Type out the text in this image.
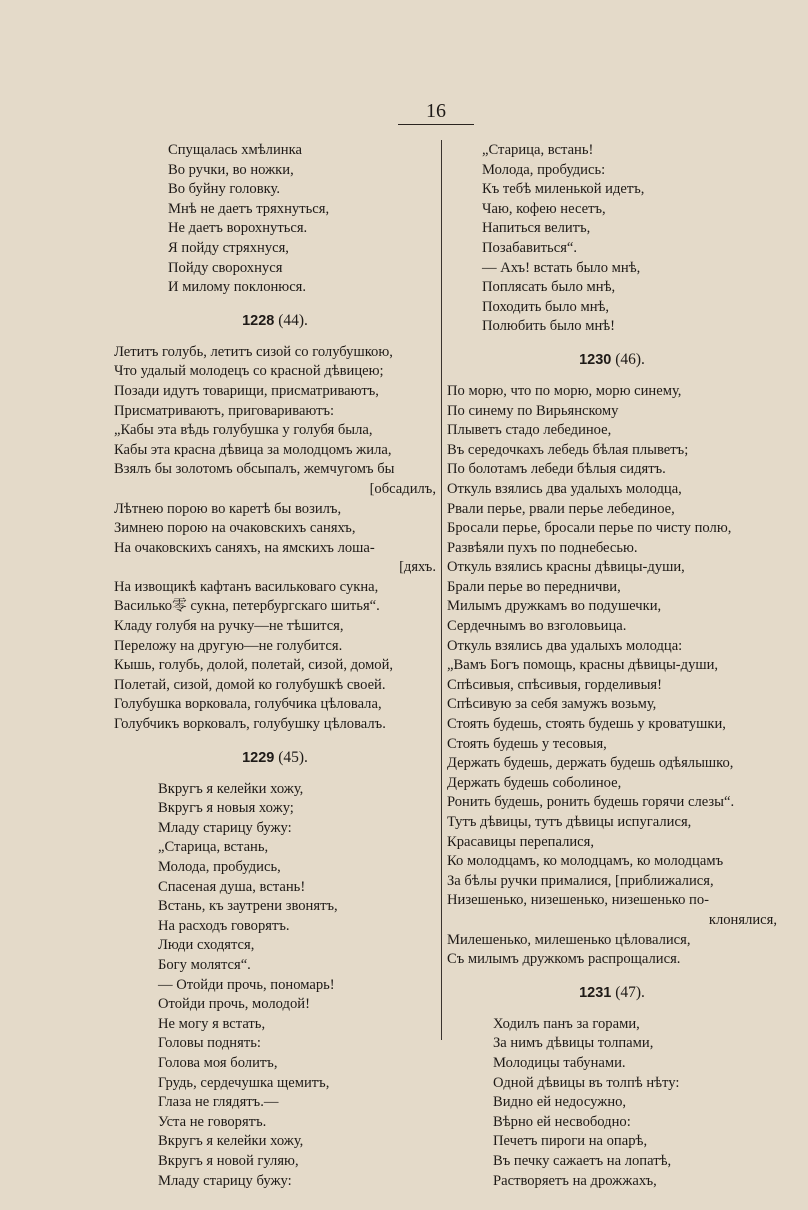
16
Спущалась хмѣлинка
Во ручки, во ножки,
Во буйну головку.
Мнѣ не даетъ тряхнуться,
Не даетъ ворохнуться.
Я пойду стряхнуся,
Пойду сворохнуся
И милому поклонюся.
1228 (44).
Летитъ голубь, летитъ сизой со голубушкою,
Что удалый молодецъ со красной дѣвицею;
Позади идутъ товарищи, присматриваютъ,
Присматриваютъ, приговариваютъ:
„Кабы эта вѣдь голубушка у голубя была,
Кабы эта красна дѣвица за молодцомъ жила,
Взялъ бы золотомъ обсыпалъ, жемчугомъ бы
[обсадилъ,
Лѣтнею порою во каретѣ бы возилъ,
Зимнею порою на очаковскихъ саняхъ,
На очаковскихъ саняхъ, на ямскихъ лоша-
[дяхъ.
На извощикѣ кафтанъ васильковаго сукна,
Василько零 сукна, петербургскаго шитья“.
Кладу голубя на ручку—не тѣшится,
Переложу на другую—не голубится.
Кышь, голубь, долой, полетай, сизой, домой,
Полетай, сизой, домой ко голубушкѣ своей.
Голубушка ворковала, голубчика цѣловала,
Голубчикъ ворковалъ, голубушку цѣловалъ.
1229 (45).
Вкругъ я келейки хожу,
Вкругъ я новыя хожу;
Младу старицу бужу:
„Старица, встань,
Молода, пробудись,
Спасеная душа, встань!
Встань, къ заутрени звонятъ,
На расходъ говорятъ.
Люди сходятся,
Богу молятся“.
— Отойди прочь, пономарь!
Отойди прочь, молодой!
Не могу я встать,
Головы поднять:
Голова моя болитъ,
Грудь, сердечушка щемитъ,
Глаза не глядятъ.—
Уста не говорятъ.
Вкругъ я келейки хожу,
Вкругъ я новой гуляю,
Младу старицу бужу:
„Старица, встань!
Молода, пробудись:
Къ тебѣ миленькой идетъ,
Чаю, кофею несетъ,
Напиться велитъ,
Позабавиться“.
— Ахъ! встать было мнѣ,
Поплясать было мнѣ,
Походить было мнѣ,
Полюбить было мнѣ!
1230 (46).
По морю, что по морю, морю синему,
По синему по Вирьянскому
Плыветъ стадо лебединое,
Въ середочкахъ лебедь бѣлая плыветъ;
По болотамъ лебеди бѣлыя сидятъ.
Откуль взялись два удалыхъ молодца,
Рвали перье, рвали перье лебединое,
Бросали перье, бросали перье по чисту полю,
Развѣяли пухъ по поднебесью.
Откуль взялись красны дѣвицы-души,
Брали перье во передничви,
Милымъ дружкамъ во подушечки,
Сердечнымъ во взголовьица.
Откуль взялись два удалыхъ молодца:
„Вамъ Богъ помощь, красны дѣвицы-души,
Спѣсивыя, спѣсивыя, горделивыя!
Спѣсивую за себя замужъ возьму,
Стоять будешь, стоять будешь у кроватушки,
Стоять будешь у тесовыя,
Держать будешь, держать будешь одѣялышко,
Держать будешь соболиное,
Ронить будешь, ронить будешь горячи слезы“.
Тутъ дѣвицы, тутъ дѣвицы испугалися,
Красавицы перепалися,
Ко молодцамъ, ко молодцамъ, ко молодцамъ
За бѣлы ручки прималися, [приближалися,
Низешенько, низешенько, низешенько по-
клонялися,
Милешенько, милешенько цѣловалися,
Съ милымъ дружкомъ распрощалися.
1231 (47).
Ходилъ панъ за горами,
За нимъ дѣвицы толпами,
Молодицы табунами.
Одной дѣвицы въ толпѣ нѣту:
Видно ей недосужно,
Вѣрно ей несвободно:
Печетъ пироги на опарѣ,
Въ печку сажаетъ на лопатѣ,
Растворяетъ на дрожжахъ,
